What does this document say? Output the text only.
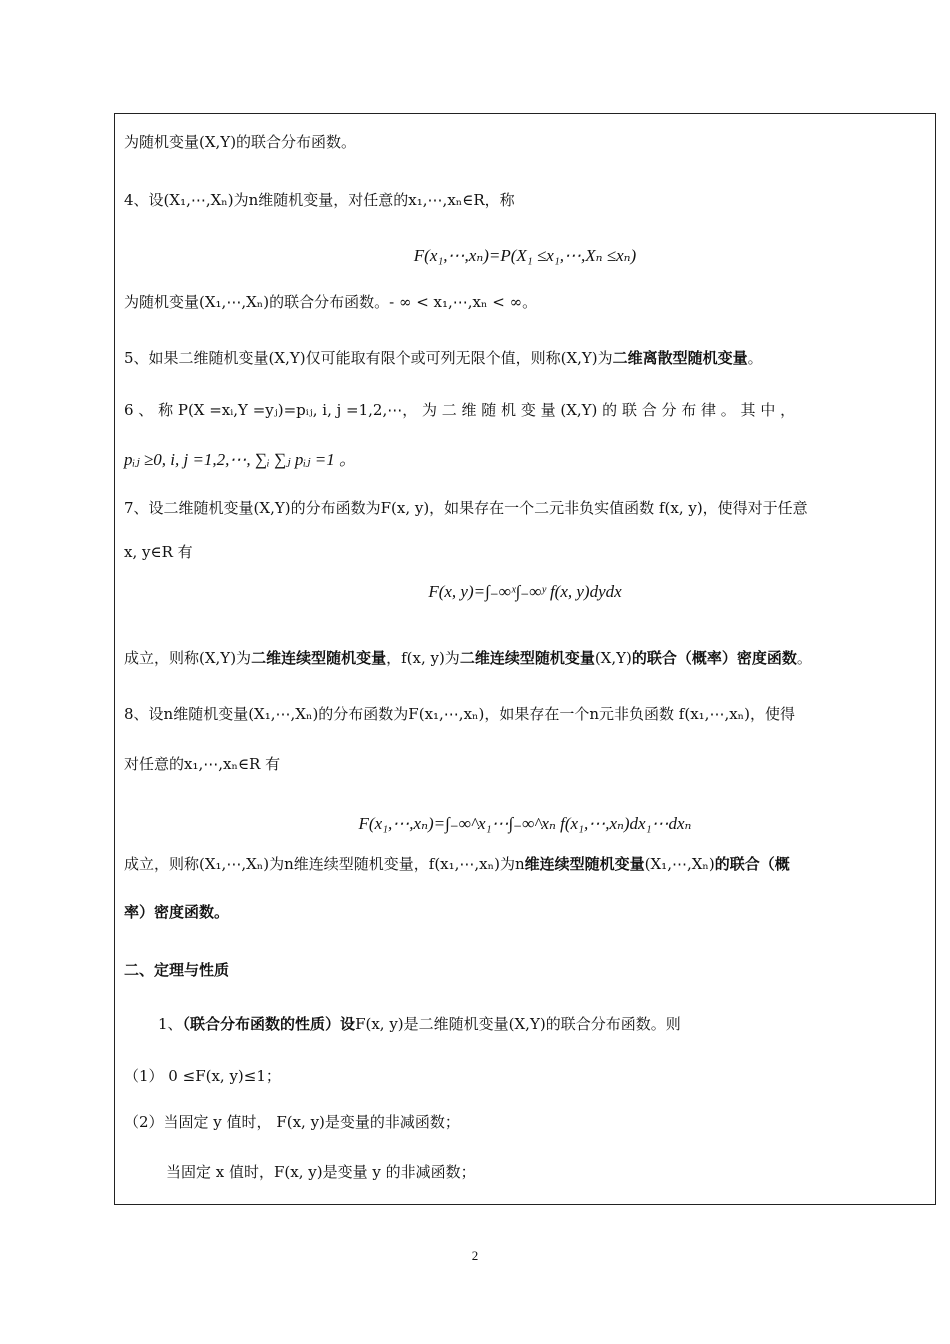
为随机变量(X,Y)的联合分布函数。
4、设(X₁,⋯,Xₙ)为n维随机变量，对任意的x₁,⋯,xₙ∈R，称
F(x₁,⋯,xₙ)=P(X₁ ≤x₁,⋯,Xₙ ≤xₙ)
为随机变量(X₁,⋯,Xₙ)的联合分布函数。- ∞ < x₁,⋯,xₙ < ∞。
5、如果二维随机变量(X,Y)仅可能取有限个或可列无限个值，则称(X,Y)为二维离散型随机变量。
6 、 称 P(X =xᵢ,Y =yⱼ)=pᵢⱼ, i, j =1,2,⋯， 为 二 维 随 机 变 量 (X,Y) 的 联 合 分 布 律 。 其 中 ，
pᵢⱼ ≥0, i, j =1,2,⋯, ∑ᵢ ∑ⱼ pᵢⱼ =1 。
7、设二维随机变量(X,Y)的分布函数为F(x, y)，如果存在一个二元非负实值函数 f(x, y)，使得对于任意
x, y∈R 有
F(x, y)=∫₋∞ˣ∫₋∞ʸ f(x, y)dydx
成立，则称(X,Y)为二维连续型随机变量，f(x, y)为二维连续型随机变量(X,Y)的联合（概率）密度函数。
8、设n维随机变量(X₁,⋯,Xₙ)的分布函数为F(x₁,⋯,xₙ)，如果存在一个n元非负函数 f(x₁,⋯,xₙ)，使得
对任意的x₁,⋯,xₙ∈R 有
F(x₁,⋯,xₙ)=∫₋∞^x₁⋯∫₋∞^xₙ f(x₁,⋯,xₙ)dx₁⋯dxₙ
成立，则称(X₁,⋯,Xₙ)为n维连续型随机变量，f(x₁,⋯,xₙ)为n维连续型随机变量(X₁,⋯,Xₙ)的联合（概
率）密度函数。
二、定理与性质
1、（联合分布函数的性质）设F(x, y)是二维随机变量(X,Y)的联合分布函数。则
（1） 0 ≤F(x, y)≤1；
（2）当固定 y 值时， F(x, y)是变量的非减函数；
当固定 x 值时，F(x, y)是变量 y 的非减函数；
2
